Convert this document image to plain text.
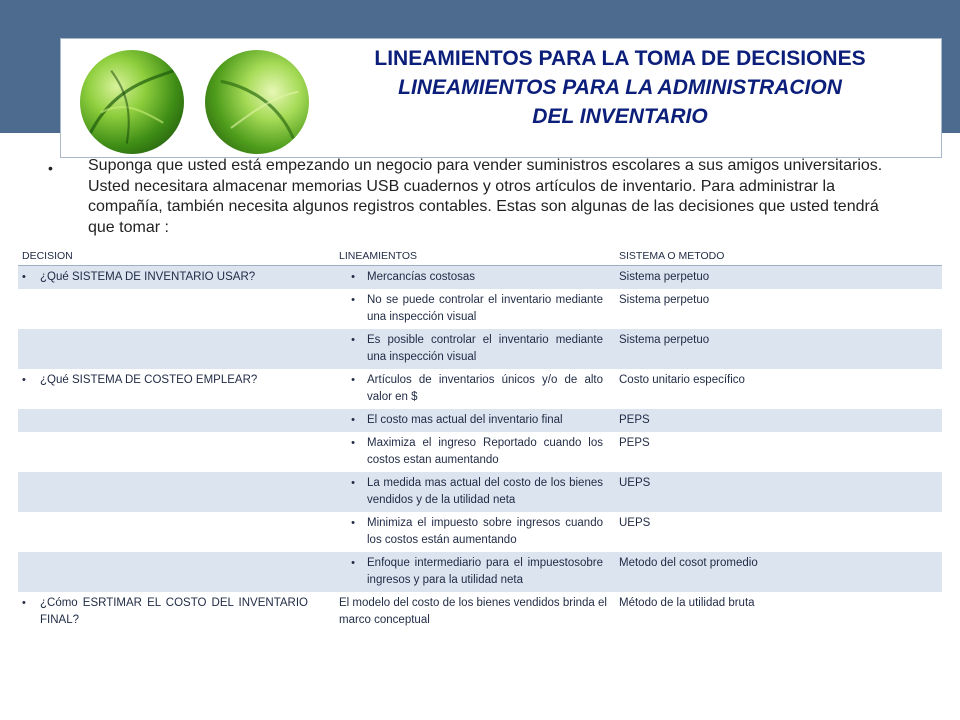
LINEAMIENTOS PARA LA TOMA DE DECISIONES
LINEAMIENTOS PARA LA ADMINISTRACION
DEL INVENTARIO
• Suponga que usted está empezando un negocio para vender suministros escolares a sus amigos universitarios. Usted necesitara almacenar memorias USB cuadernos y otros artículos de inventario. Para administrar la compañía, también necesita algunos registros contables. Estas son algunas de las decisiones que usted tendrá que tomar :

DECISION	LINEAMIENTOS	SISTEMA O METODO
• ¿Qué SISTEMA DE INVENTARIO USAR?	• Mercancías costosas	Sistema perpetuo
	• No se puede controlar el inventario mediante una inspección visual	Sistema perpetuo
	• Es posible controlar el inventario mediante una inspección visual	Sistema perpetuo
• ¿Qué SISTEMA DE COSTEO EMPLEAR?	• Artículos de inventarios únicos y/o de alto valor en $	Costo unitario específico
	• El costo mas actual del inventario final	PEPS
	• Maximiza el ingreso Reportado cuando los costos estan aumentando	PEPS
	• La medida mas actual del costo de los bienes vendidos y de la utilidad neta	UEPS
	• Minimiza el impuesto sobre ingresos cuando los costos están aumentando	UEPS
	• Enfoque intermediario para el impuestosobre ingresos y para la utilidad neta	Metodo del cosot promedio
• ¿Cómo ESRTIMAR EL COSTO DEL INVENTARIO FINAL?	El modelo del costo de los bienes vendidos brinda el marco conceptual	Método de la utilidad bruta
